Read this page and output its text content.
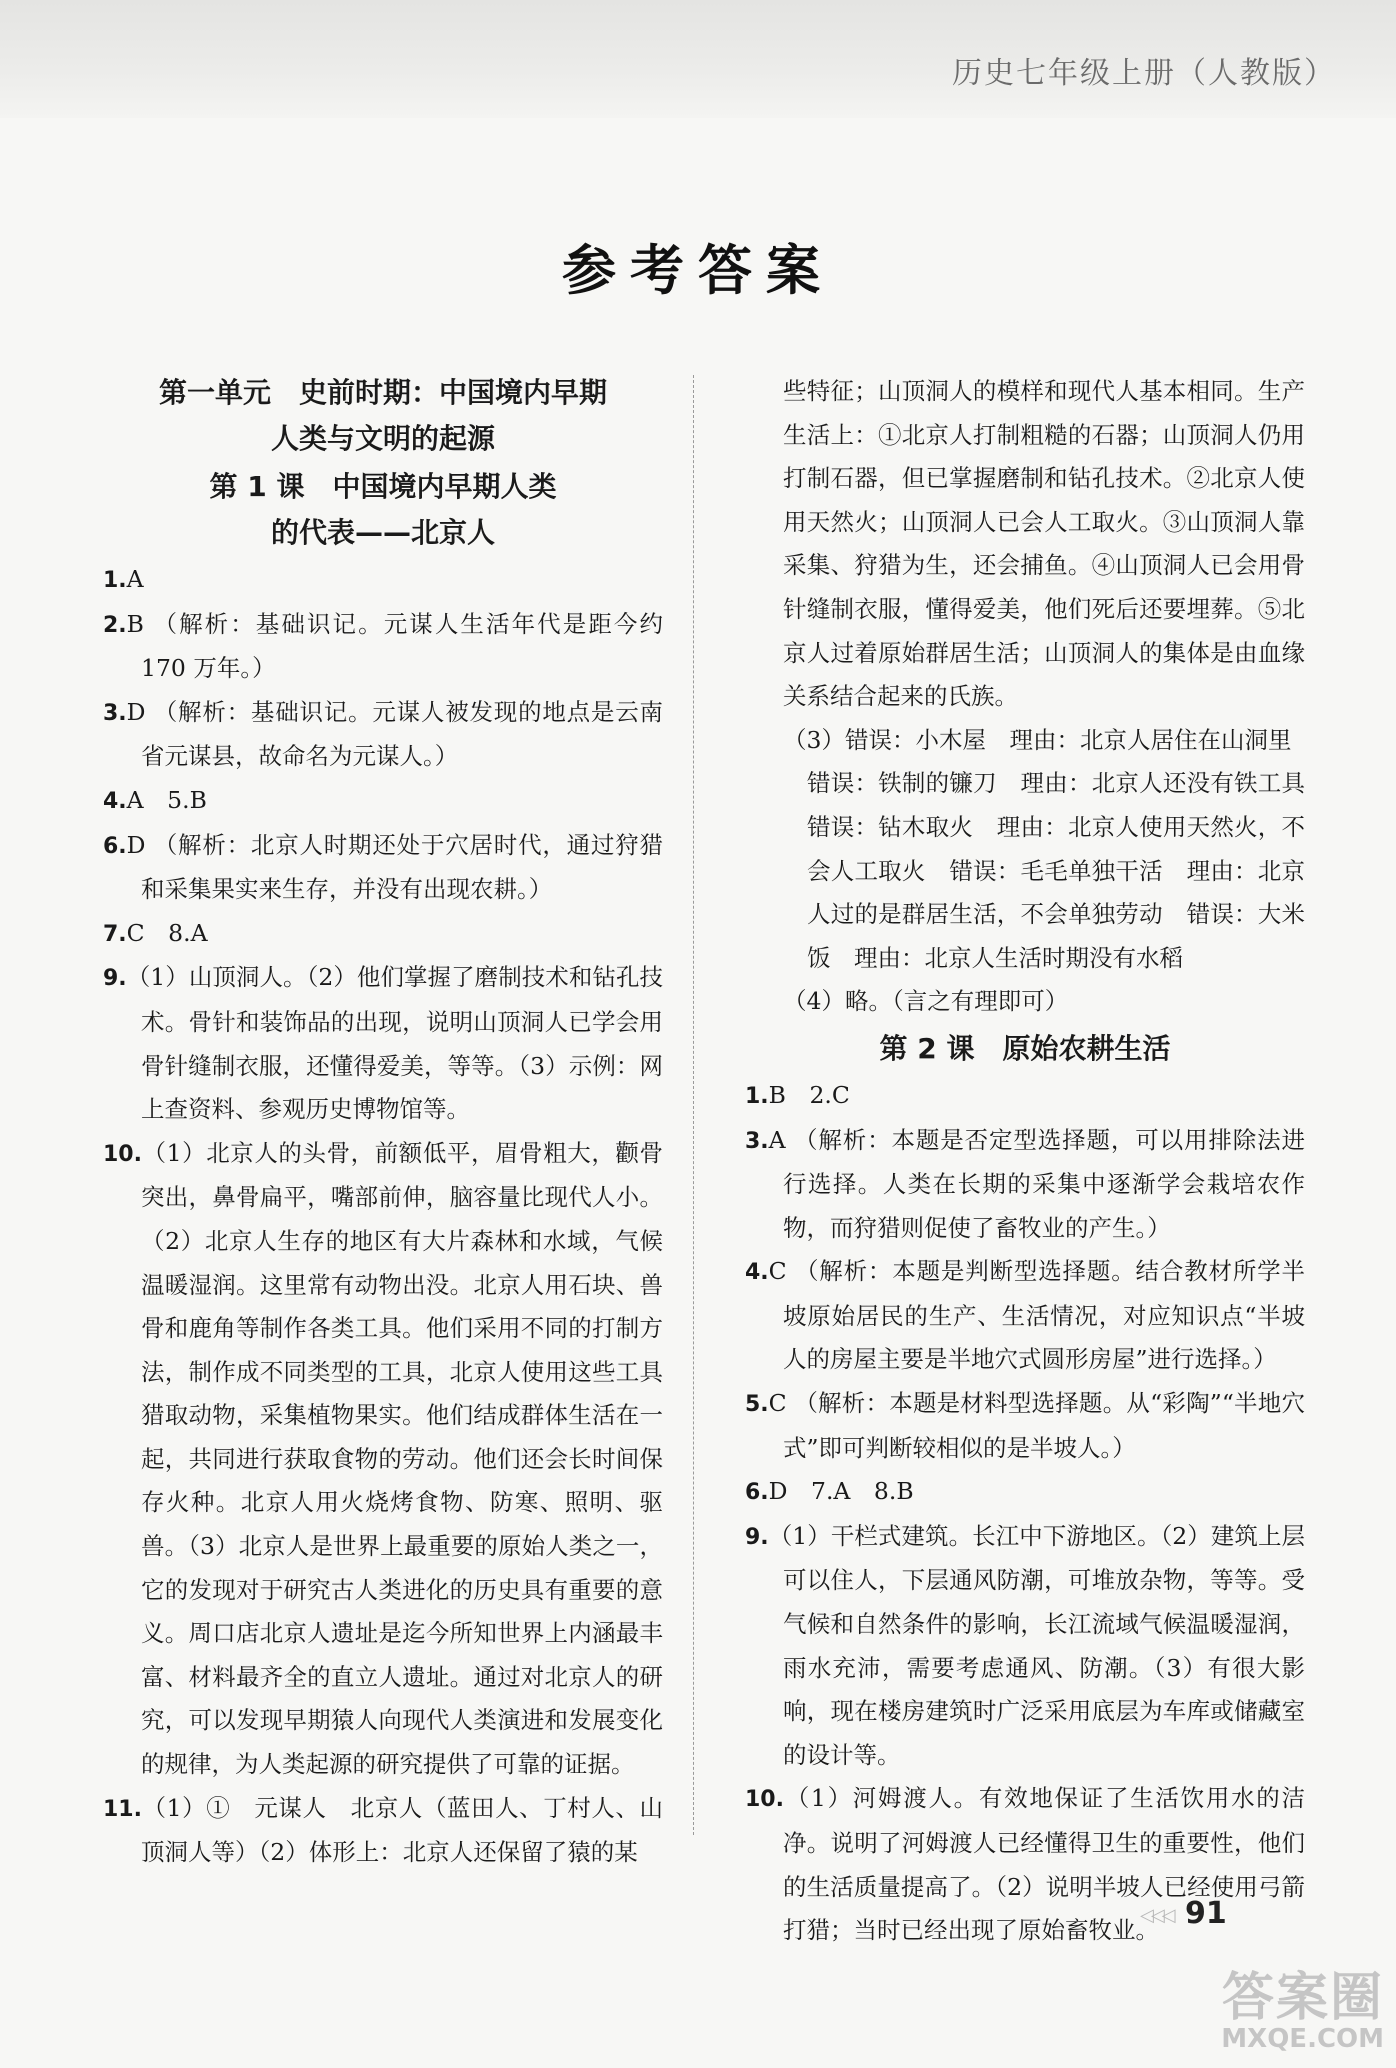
历史七年级上册（人教版）
参考答案
第一单元　史前时期：中国境内早期
人类与文明的起源
第 1 课　中国境内早期人类
的代表——北京人
1.A
2.B （解析：基础识记。元谋人生活年代是距今约170 万年。）
3.D （解析：基础识记。元谋人被发现的地点是云南省元谋县，故命名为元谋人。）
4.A　5.B
6.D （解析：北京人时期还处于穴居时代，通过狩猎和采集果实来生存，并没有出现农耕。）
7.C　8.A
9.（1）山顶洞人。（2）他们掌握了磨制技术和钻孔技术。骨针和装饰品的出现，说明山顶洞人已学会用骨针缝制衣服，还懂得爱美，等等。（3）示例：网上查资料、参观历史博物馆等。
10.（1）北京人的头骨，前额低平，眉骨粗大，颧骨突出，鼻骨扁平，嘴部前伸，脑容量比现代人小。（2）北京人生存的地区有大片森林和水域，气候温暖湿润。这里常有动物出没。北京人用石块、兽骨和鹿角等制作各类工具。他们采用不同的打制方法，制作成不同类型的工具，北京人使用这些工具猎取动物，采集植物果实。他们结成群体生活在一起，共同进行获取食物的劳动。他们还会长时间保存火种。北京人用火烧烤食物、防寒、照明、驱兽。（3）北京人是世界上最重要的原始人类之一，它的发现对于研究古人类进化的历史具有重要的意义。周口店北京人遗址是迄今所知世界上内涵最丰富、材料最齐全的直立人遗址。通过对北京人的研究，可以发现早期猿人向现代人类演进和发展变化的规律，为人类起源的研究提供了可靠的证据。
11.（1）①　元谋人　北京人（蓝田人、丁村人、山顶洞人等）（2）体形上：北京人还保留了猿的某
些特征；山顶洞人的模样和现代人基本相同。生产生活上：①北京人打制粗糙的石器；山顶洞人仍用打制石器，但已掌握磨制和钻孔技术。②北京人使用天然火；山顶洞人已会人工取火。③山顶洞人靠采集、狩猎为生，还会捕鱼。④山顶洞人已会用骨针缝制衣服，懂得爱美，他们死后还要埋葬。⑤北京人过着原始群居生活；山顶洞人的集体是由血缘关系结合起来的氏族。
（3）错误：小木屋　理由：北京人居住在山洞里
错误：铁制的镰刀　理由：北京人还没有铁工具　错误：钻木取火　理由：北京人使用天然火，不会人工取火　错误：毛毛单独干活　理由：北京人过的是群居生活，不会单独劳动　错误：大米饭　理由：北京人生活时期没有水稻
（4）略。（言之有理即可）
第 2 课　原始农耕生活
1.B　2.C
3.A （解析：本题是否定型选择题，可以用排除法进行选择。人类在长期的采集中逐渐学会栽培农作物，而狩猎则促使了畜牧业的产生。）
4.C （解析：本题是判断型选择题。结合教材所学半坡原始居民的生产、生活情况，对应知识点“半坡人的房屋主要是半地穴式圆形房屋”进行选择。）
5.C （解析：本题是材料型选择题。从“彩陶”“半地穴式”即可判断较相似的是半坡人。）
6.D　7.A　8.B
9.（1）干栏式建筑。长江中下游地区。（2）建筑上层可以住人，下层通风防潮，可堆放杂物，等等。受气候和自然条件的影响，长江流域气候温暖湿润，雨水充沛，需要考虑通风、防潮。（3）有很大影响，现在楼房建筑时广泛采用底层为车库或储藏室的设计等。
10.（1）河姆渡人。有效地保证了生活饮用水的洁净。说明了河姆渡人已经懂得卫生的重要性，他们的生活质量提高了。（2）说明半坡人已经使用弓箭打猎；当时已经出现了原始畜牧业。
◁◁◁ 91
答案圈
MXQE.COM
